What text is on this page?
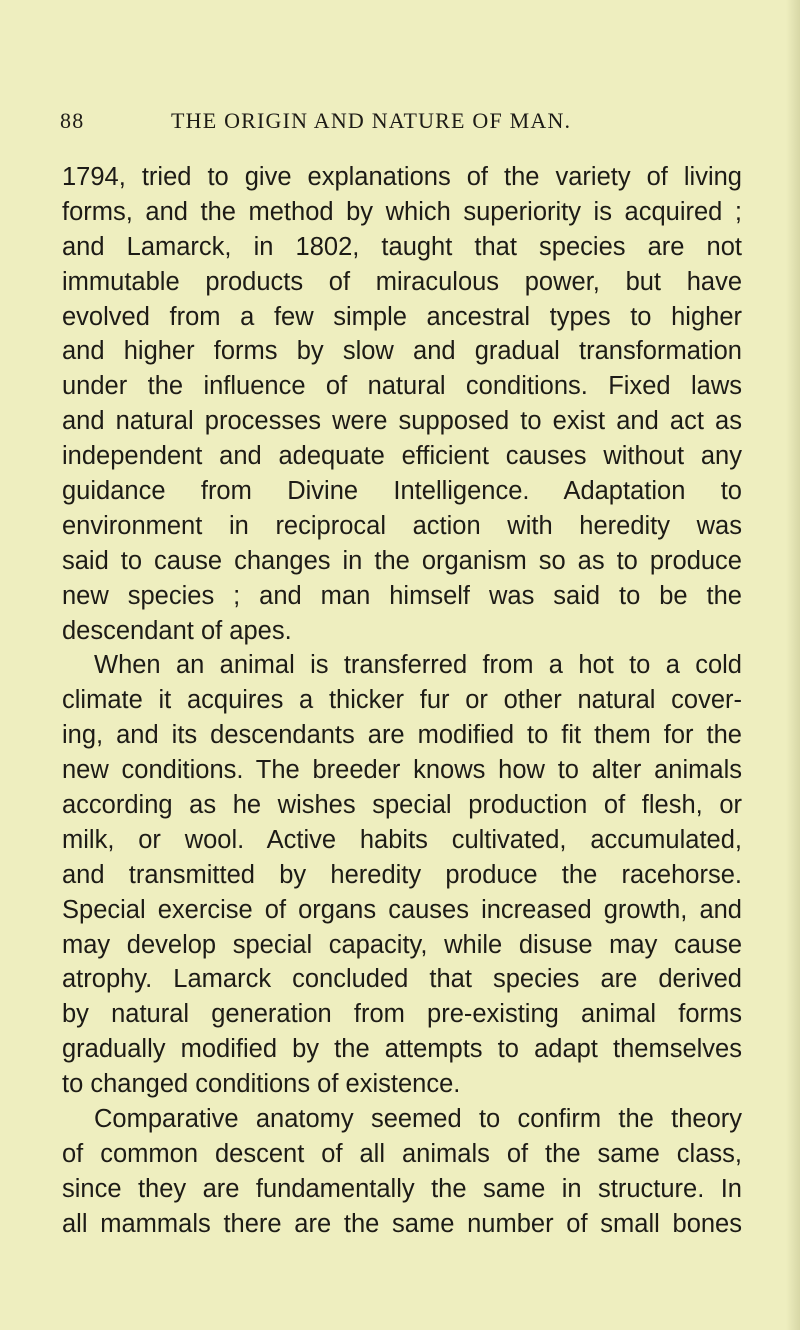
88	THE ORIGIN AND NATURE OF MAN.
1794, tried to give explanations of the variety of living
forms, and the method by which superiority is acquired ;
and Lamarck, in 1802, taught that species are not
immutable products of miraculous power, but have
evolved from a few simple ancestral types to higher
and higher forms by slow and gradual transformation
under the influence of natural conditions. Fixed laws
and natural processes were supposed to exist and act as
independent and adequate efficient causes without any
guidance from Divine Intelligence. Adaptation to
environment in reciprocal action with heredity was
said to cause changes in the organism so as to produce
new species ; and man himself was said to be the
descendant of apes.
When an animal is transferred from a hot to a cold
climate it acquires a thicker fur or other natural cover-
ing, and its descendants are modified to fit them for the
new conditions. The breeder knows how to alter animals
according as he wishes special production of flesh, or
milk, or wool. Active habits cultivated, accumulated,
and transmitted by heredity produce the racehorse.
Special exercise of organs causes increased growth, and
may develop special capacity, while disuse may cause
atrophy. Lamarck concluded that species are derived
by natural generation from pre-existing animal forms
gradually modified by the attempts to adapt themselves
to changed conditions of existence.
Comparative anatomy seemed to confirm the theory
of common descent of all animals of the same class,
since they are fundamentally the same in structure. In
all mammals there are the same number of small bones
